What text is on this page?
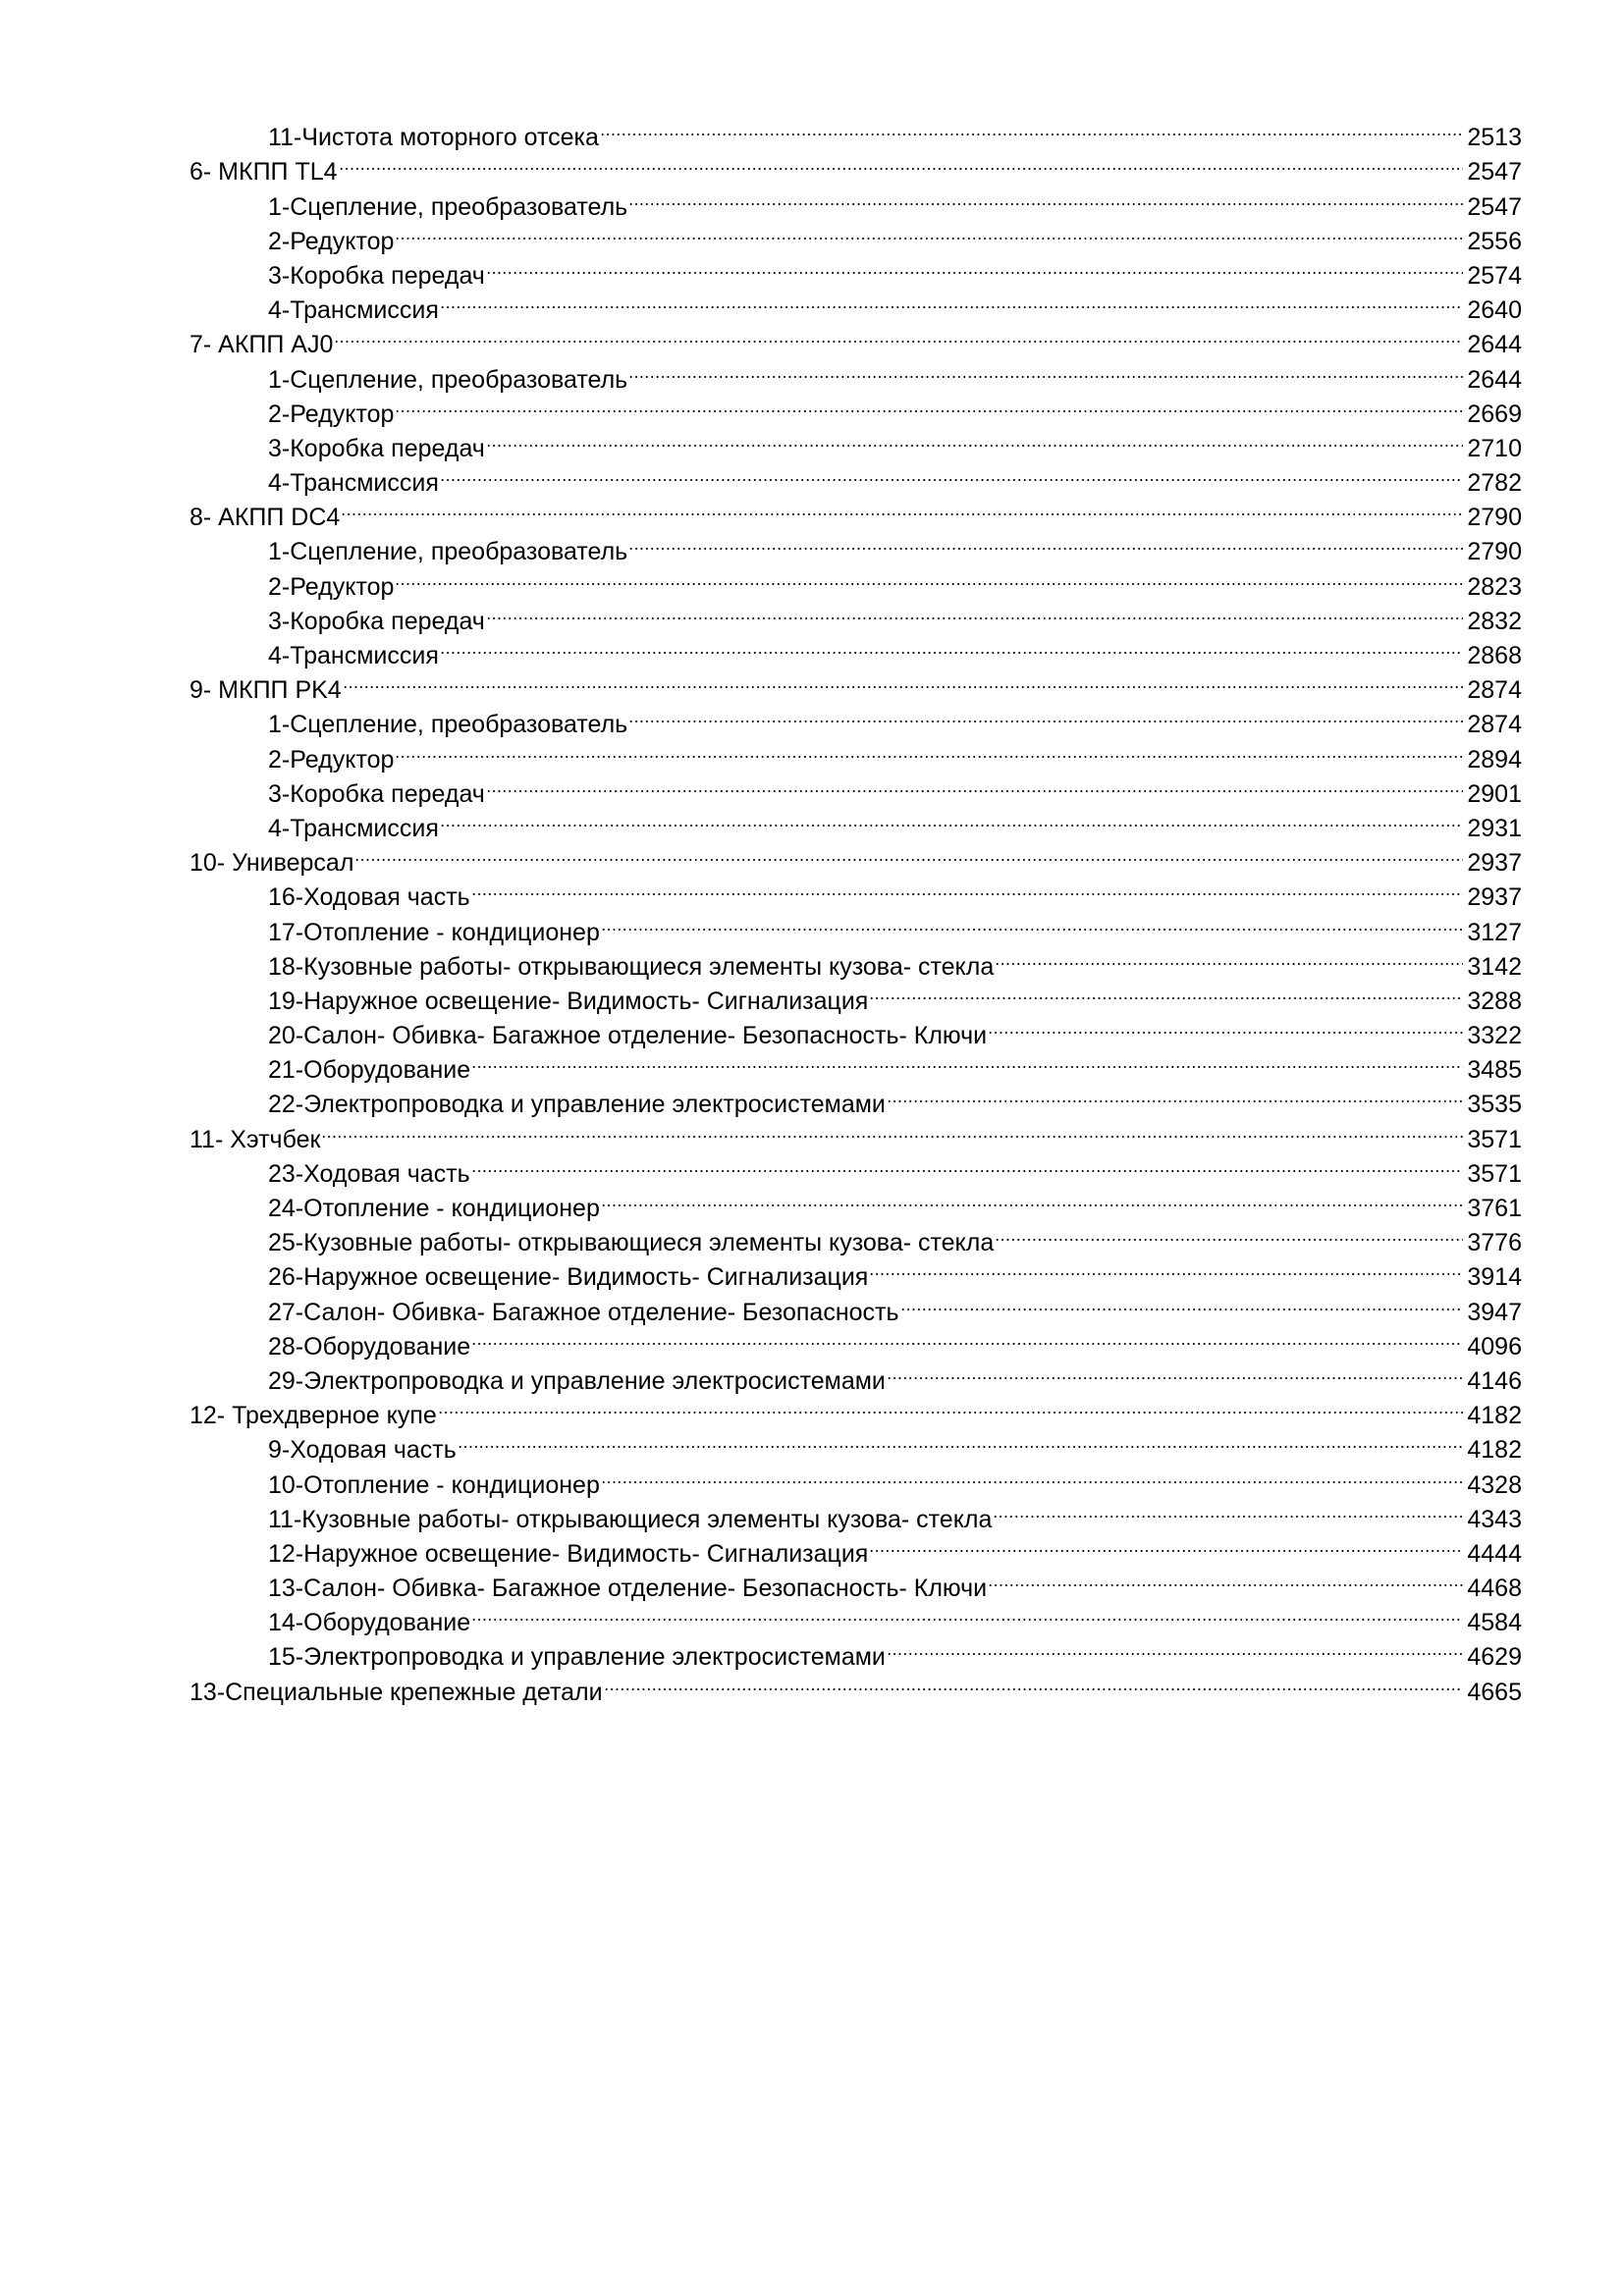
11-Чистота моторного отсека	2513
6- МКПП TL4	2547
1-Сцепление, преобразователь	2547
2-Редуктор	2556
3-Коробка передач	2574
4-Трансмиссия	2640
7- АКПП AJ0	2644
1-Сцепление, преобразователь	2644
2-Редуктор	2669
3-Коробка передач	2710
4-Трансмиссия	2782
8- АКПП DC4	2790
1-Сцепление, преобразователь	2790
2-Редуктор	2823
3-Коробка передач	2832
4-Трансмиссия	2868
9- МКПП PK4	2874
1-Сцепление, преобразователь	2874
2-Редуктор	2894
3-Коробка передач	2901
4-Трансмиссия	2931
10- Универсал	2937
16-Ходовая часть	2937
17-Отопление - кондиционер	3127
18-Кузовные работы- открывающиеся элементы кузова- стекла	3142
19-Наружное освещение- Видимость- Сигнализация	3288
20-Салон- Обивка- Багажное отделение- Безопасность- Ключи	3322
21-Оборудование	3485
22-Электропроводка и управление электросистемами	3535
11- Хэтчбек	3571
23-Ходовая часть	3571
24-Отопление - кондиционер	3761
25-Кузовные работы- открывающиеся элементы кузова- стекла	3776
26-Наружное освещение- Видимость- Сигнализация	3914
27-Салон- Обивка- Багажное отделение- Безопасность	3947
28-Оборудование	4096
29-Электропроводка и управление электросистемами	4146
12- Трехдверное купе	4182
9-Ходовая часть	4182
10-Отопление - кондиционер	4328
11-Кузовные работы- открывающиеся элементы кузова- стекла	4343
12-Наружное освещение- Видимость- Сигнализация	4444
13-Салон- Обивка- Багажное отделение- Безопасность- Ключи	4468
14-Оборудование	4584
15-Электропроводка и управление электросистемами	4629
13-Специальные крепежные детали	4665
